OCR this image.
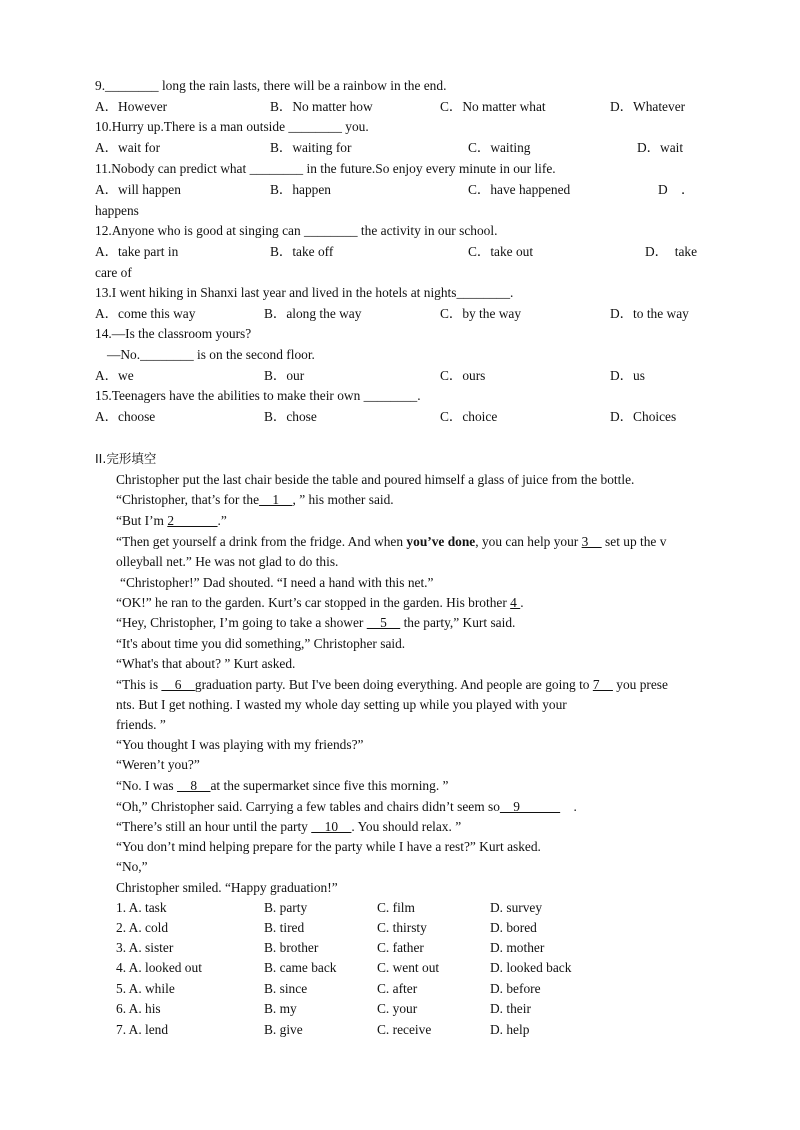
9.________ long the rain lasts, there will be a rainbow in the end.
A．However	B．No matter how	C．No matter what	D．Whatever
10.Hurry up.There is a man outside ________ you.
A．wait for	B．waiting for	C．waiting	D．wait
11.Nobody can predict what ________ in the future.So enjoy every minute in our life.
A．will happen	B．happen	C．have happened	D　．
happens
12.Anyone who is good at singing can ________ the activity in our school.
A．take part in	B．take off	C．take out	D．　take
care of
13.I went hiking in Shanxi last year and lived in the hotels at nights________.
A．come this way	B．along the way	C．by the way	D．to the way
14.—Is the classroom yours?
—No.________ is on the second floor.
A．we	B．our	C．ours	D．us
15.Teenagers have the abilities to make their own ________.
A．choose	B．chose	C．choice	D．Choices
II.完形填空
Christopher put the last chair beside the table and poured himself a glass of juice from the bottle.
“Christopher, that’s for the　1　, ” his mother said.
“But I’m 2　　　 .”
“Then get yourself a drink from the fridge. And when you’ve done, you can help your 3　 set up the v
olleyball net.” He was not glad to do this.
“Christopher!” Dad shouted. “I need a hand with this net.”
“OK!” he ran to the garden. Kurt’s car stopped in the garden. His brother 4 .
“Hey, Christopher, I’m going to take a shower 　5　 the party,” Kurt said.
“It's about time you did something,” Christopher said.
“What's that about? ” Kurt asked.
“This is 　6　graduation party. But I've been doing everything. And people are going to 7　 you prese
nts. But I get nothing. I wasted my whole day setting up while you played with your
friends. ”
“You thought I was playing with my friends?”
“Weren’t you?”
“No. I was 　8　at the supermarket since five this morning. ”
“Oh,” Christopher said. Carrying a few tables and chairs didn’t seem so　9　　　　.
“There’s still an hour until the party 　10　. You should relax. ”
“You don’t mind helping prepare for the party while I have a rest?” Kurt asked.
“No,”
Christopher smiled. “Happy graduation!”
1. A. task	B. party	C. film	D. survey
2. A. cold	B. tired	C. thirsty	D. bored
3. A. sister	B. brother	C. father	D. mother
4. A. looked out	B. came back	C. went out	D. looked back
5. A. while	B. since	C. after	D. before
6. A. his	B. my	C. your	D. their
7. A. lend	B. give	C. receive	D. help
